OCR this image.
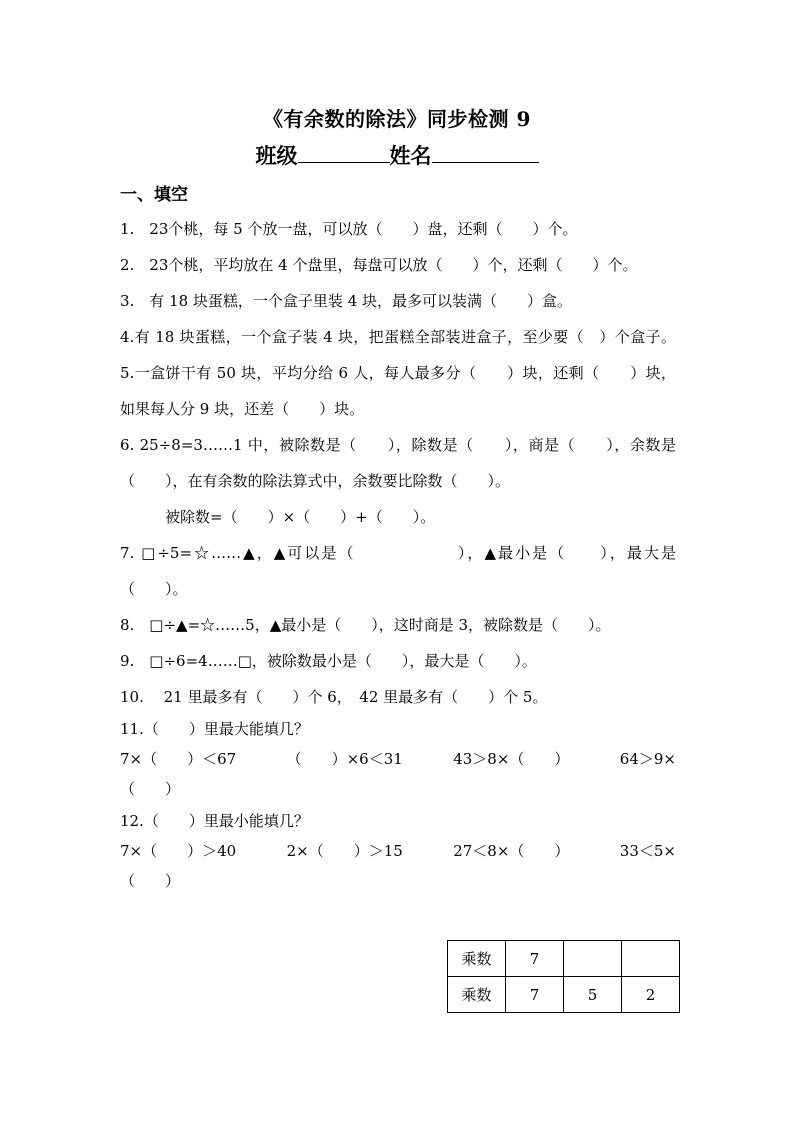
《有余数的除法》同步检测 9
班级	姓名
一、填空
1.　23个桃，每 5 个放一盘，可以放（　　）盘，还剩（　　）个。
2.　23个桃，平均放在 4 个盘里，每盘可以放（　　）个，还剩（　　）个。
3.　有 18 块蛋糕，一个盒子里装 4 块，最多可以装满（　　）盒。
4.有 18 块蛋糕，一个盒子装 4 块，把蛋糕全部装进盒子，至少要（　）个盒子。
5.一盒饼干有 50 块，平均分给 6 人，每人最多分（　　）块，还剩（　　）块，
如果每人分 9 块，还差（　　）块。
6. 25÷8=3……1 中，被除数是（　　），除数是（　　），商是（　　），余数是
（　　），在有余数的除法算式中，余数要比除数（　　）。
被除数=（　　）×（　　）+（　　）。
7. □÷5=☆……▲，▲可以是（　　　　　　），▲最小是（　　），最大是
（　　）。
8.　□÷▲=☆……5，▲最小是（　　），这时商是 3，被除数是（　　）。
9.　□÷6=4……□，被除数最小是（　　），最大是（　　）。
10.　 21 里最多有（　　）个 6，　42 里最多有（　　）个 5。
11.（　　）里最大能填几？
7×（　　）＜67	（　　）×6＜31	43＞8×（　　）	64＞9×
（　　）
12.（　　）里最小能填几？
7×（　　）＞40	2×（　　）＞15	27＜8×（　　）	33＜5×
（　　）
乘数	7		
乘数	7	5	2
